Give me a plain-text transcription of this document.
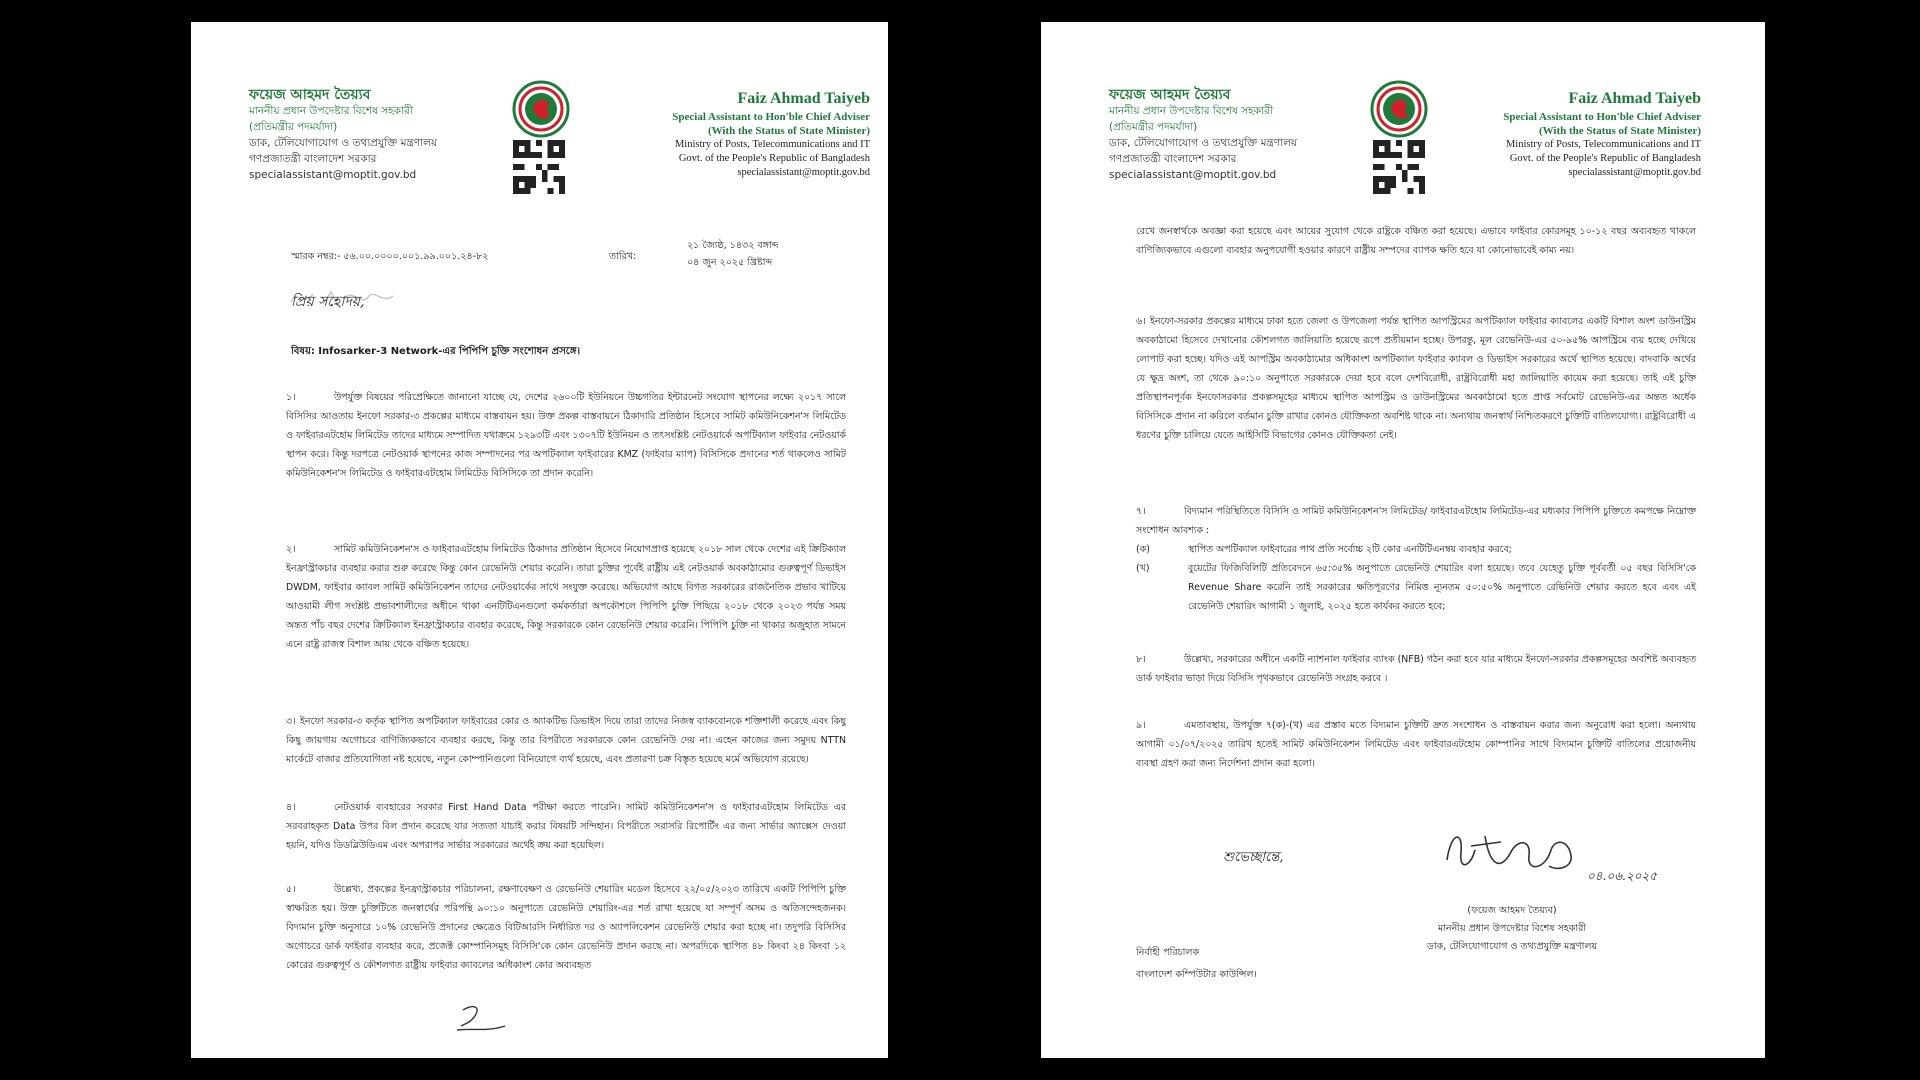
ফয়েজ আহমদ তৈয়্যব
মাননীয় প্রধান উপদেষ্টার বিশেষ সহকারী
(প্রতিমন্ত্রীর পদমর্যাদা)
ডাক, টেলিযোগাযোগ ও তথ্যপ্রযুক্তি মন্ত্রণালয়
গণপ্রজাতন্ত্রী বাংলাদেশ সরকার
specialassistant@moptit.gov.bd
Faiz Ahmad Taiyeb
Special Assistant to Hon'ble Chief Adviser
(With the Status of State Minister)
Ministry of Posts, Telecommunications and IT
Govt. of the People's Republic of Bangladesh
specialassistant@moptit.gov.bd
স্মারক নম্বর:- ৫৬.০০.০০০০.০০১.৯৯.০০১.২৪-৮২	তারিখ:
২১ জ্যৈষ্ঠ, ১৪৩২ বঙ্গাব্দ
০৪ জুন ২০২৫ খ্রিষ্টাব্দ
প্রিয় সহোদয়,
বিষয়: Infosarker-3 Network-এর পিপিপি চুক্তি সংশোধন প্রসঙ্গে।
১।	উপর্যুক্ত বিষয়ের পরিপ্রেক্ষিতে জানানো যাচ্ছে যে, দেশের ২৬০০টি ইউনিয়নে উচ্চগতির ইন্টারনেট সংযোগ স্থাপনের লক্ষ্যে ২০১৭ সালে বিসিসির আওতায় ইনফো সরকার-৩ প্রকল্পের মাধ্যমে বাস্তবায়ন হয়। উক্ত প্রকল্প বাস্তবায়নে ঠিকাদারি প্রতিষ্ঠান হিসেবে সামিট কমিউনিকেশন'স লিমিটেড ও ফাইবারএটহোম লিমিটেড তাদের মাধ্যমে সম্পাদিত যথাক্রমে ১২৯৩টি এবং ১৩০৭টি ইউনিয়ন ও তৎসংশ্লিষ্ট নেটওয়ার্কে অপটিক্যাল ফাইবার নেটওয়ার্ক স্থাপন করে। কিন্তু দরপত্রে নেটওয়ার্ক স্থাপনের কাজ সম্পাদনের পর অপটিক্যাল ফাইবারের KMZ (ফাইবার ম্যাপ) বিসিসিকে প্রদানের শর্ত থাকলেও সামিট কমিউনিকেশন'স লিমিটেড ও ফাইবারএটহোম লিমিটেড বিসিসিকে তা প্রদান করেনি।
২।	সামিট কমিউনিকেশন'স ও ফাইবারএটহোম লিমিটেড ঠিকাদার প্রতিষ্ঠান হিসেবে নিয়োগপ্রাপ্ত হয়েছে ২০১৮ সাল থেকে দেশের এই ক্রিটিক্যাল ইনফ্রাস্ট্রাকচার ব্যবহার করার শুরু করেছে কিন্তু কোন রেভেনিউ শেয়ার করেনি। তারা চুক্তির পূর্বেই রাষ্ট্রীয় এই নেটওয়ার্ক অবকাঠামোর গুরুত্বপূর্ণ ডিভাইস DWDM, ফাইবার ক্যাবল সামিট কমিউনিকেশন তাদের নেটওয়ার্কের সাথে সংযুক্ত করেছে। অভিযোগ আছে বিগত সরকারের রাজনৈতিক প্রভাব খাটিয়ে আওয়ামী লীগ সংশ্লিষ্ট প্রভাবশালীদের অধীনে থাকা এনটিটিএনগুলো কর্মকর্তারা অপকৌশলে পিপিপি চুক্তি পিছিয়ে ২০১৮ থেকে ২০২৩ পর্যন্ত সময় অন্তত পাঁচ বছর দেশের ক্রিটিক্যাল ইনফ্রাস্ট্রাকচার ব্যবহার করেছে, কিন্তু সরকারকে কোন রেভেনিউ শেয়ার করেনি। পিপিপি চুক্তি না থাকার অজুহাত সামনে এনে রাষ্ট্র রাজস্ব বিশাল আয় থেকে বঞ্চিত হয়েছে।
৩। ইনফো সরকার-৩ কর্তৃক স্থাপিত অপটিক্যাল ফাইবারের কোর ও অ্যাকটিভ ডিভাইস দিয়ে তারা তাদের নিজস্ব ব্যাকবোনকে শক্তিশালী করেছে এবং কিছু কিছু জায়গায় অগোচরে বাণিজ্যিকভাবে ব্যবহার করছে, কিন্তু তার বিপরীতে সরকারকে কোন রেভেনিউ দেয় না। এহেন কাজের জন্য সমুদয় NTTN মার্কেটে বাজার প্রতিযোগিতা নষ্ট হয়েছে, নতুন কোম্পানিগুলো বিনিয়োগে ব্যর্থ হয়েছে, এবং প্রতারণা চক্র বিস্তৃত হয়েছে মর্মে অভিযোগ রয়েছে।
৪।	নেটওয়ার্ক ব্যবহারের সরকার First Hand Data পরীক্ষা করতে পারেনি। সামিট কমিউনিকেশন'স ও ফাইবারএটহোম লিমিটেড এর সরবরাহকৃত Data উপর বিল প্রদান করেছে যার সত্যতা যাচাই করার বিষয়টি সন্দিহান। বিপরীতে সরাসরি রিপোর্টিং এর জন্য সার্ভার অ্যাক্সেস দেওয়া হয়নি, যদিও ডিডব্লিউডিএম এবং অপরাপর সার্ভার সরকারের অর্থেই ক্রয় করা হয়েছিল।
৫।	উল্লেখ্য, প্রকল্পের ইনফ্রাস্ট্রাকচার পরিচালনা, রক্ষণাবেক্ষণ ও রেভেনিউ শেয়ারিং মডেল হিসেবে ২২/০৫/২০২৩ তারিখে একটি পিপিপি চুক্তি স্বাক্ষরিত হয়। উক্ত চুক্তিটিতে জনস্বার্থের পরিপন্থি ৯০:১০ অনুপাতে রেভেনিউ শেয়ারিং-এর শর্ত রাখা হয়েছে যা সম্পূর্ণ অসম ও অতিসন্দেহজনক। বিদ্যমান চুক্তি অনুসারে ১০% রেভেনিউ প্রদানের ক্ষেত্রেও বিটিআরসি নির্ধারিত দর ও অ্যাপলিকেশন রেভেনিউ শেয়ার করা হচ্ছে না। তদুপরি বিসিসির অগোচরে ডার্ক ফাইবার ব্যবহার করে, প্রজেক্ট কোম্পানিসমূহ বিসিসি'কে কোন রেভেনিউ প্রদান করছে না। অপরদিকে স্থাপিত ৪৮ কিংবা ২৪ কিংবা ১২ কোরের গুরুত্বপূর্ণ ও কৌশলগত রাষ্ট্রীয় ফাইবার ক্যাবলের অধিকাংশ কোর অব্যবহৃত
ফয়েজ আহমদ তৈয়্যব
মাননীয় প্রধান উপদেষ্টার বিশেষ সহকারী
(প্রতিমন্ত্রীর পদমর্যাদা)
ডাক, টেলিযোগাযোগ ও তথ্যপ্রযুক্তি মন্ত্রণালয়
গণপ্রজাতন্ত্রী বাংলাদেশ সরকার
specialassistant@moptit.gov.bd
Faiz Ahmad Taiyeb
Special Assistant to Hon'ble Chief Adviser
(With the Status of State Minister)
Ministry of Posts, Telecommunications and IT
Govt. of the People's Republic of Bangladesh
specialassistant@moptit.gov.bd
রেখে জনস্বার্থকে অবজ্ঞা করা হয়েছে এবং আয়ের সুযোগ থেকে রাষ্ট্রকে বঞ্চিত করা হয়েছে। এভাবে ফাইবার কোরসমূহ ১০-১২ বছর অব্যবহৃত থাকলে বাণিজ্যিকভাবে এগুলো ব্যবহার অনুপযোগী হওয়ার কারণে রাষ্ট্রীয় সম্পদের ব্যাপক ক্ষতি হবে যা কোনোভাবেই কাম্য নয়।
৬। ইনফো-সরকার প্রকল্পের মাধ্যমে ঢাকা হতে জেলা ও উপজেলা পর্যন্ত স্থাপিত আপস্ট্রিমের অপটিক্যাল ফাইবার ক্যাবলের একটি বিশাল অংশ ডাউনস্ট্রিম অবকাঠামো হিসেবে দেখানোর কৌশলগত জালিয়াতি হয়েছে রূপে প্রতীয়মান হচ্ছে। উপরন্তু, মূল রেভেনিউ-এর ৫০-৯৫% আপস্ট্রিমে ব্যয় হচ্ছে দেখিয়ে লোপাট করা হচ্ছে। যদিও এই আপস্ট্রিম অবকাঠামোর অধিকাংশ অপটিক্যাল ফাইবার ক্যাবল ও ডিভাইস সরকারের অর্থে স্থাপিত হয়েছে। বাদবাকি অর্থের যে ক্ষুদ্র অংশ, তা থেকে ৯০:১০ অনুপাতে সরকারকে দেয়া হবে বলে দেশবিরোধী, রাষ্ট্রবিরোধী মহা জালিয়াতি কায়েম করা হয়েছে। তাই এই চুক্তি প্রতিস্থাপনপূর্বক ইনফোসরকার প্রকল্পসমূহের মাধ্যমে স্থাপিত আপস্ট্রিম ও ডাউনস্ট্রিমের অবকাঠামো হতে প্রাপ্ত সর্বমোট রেভেনিউ-এর অন্তত অর্ধেক বিসিসিকে প্রদান না করিলে বর্তমান চুক্তি রাখার কোনও যৌক্তিকতা অবশিষ্ট থাকে না। অন্যথায় জনস্বার্থ নিশ্চিতকরণে চুক্তিটি বাতিলযোগ্য। রাষ্ট্রবিরোধী এ ধরণের চুক্তি চালিয়ে যেতে আইসিটি বিভাগের কোনও যৌক্তিকতা নেই।
৭।	বিদ্যমান পরিস্থিতিতে বিসিসি ও সামিট কমিউনিকেশন'স লিমিটেড/ ফাইবারএটহোম লিমিটেড-এর মধ্যকার পিপিপি চুক্তিতে কমপক্ষে নিম্নোক্ত সংশোধন আবশ্যক :
(ক)	স্থাপিত অপটিক্যাল ফাইবারের পাথ প্রতি সর্বোচ্চ ২টি কোর এনটিটিএনম্বয় ব্যবহার করবে;
(খ)	বুয়েটের ফিজিবিলিটি প্রতিবেদনে ৬৫:৩৫% অনুপাতে রেভেনিউ শেয়ারিং বলা হয়েছে। তবে যেহেতু চুক্তি পূর্ববর্তী ০৫ বছর বিসিসি'কে Revenue Share করেনি তাই সরকারের ক্ষতিপূরণের নিমিত্ত ন্যূনতম ৫০:৫০% অনুপাতে রেভিনিউ শেয়ার করতে হবে এবং এই রেভেনিউ শেয়ারিং আগামী ১ জুলাই, ২০২৫ হতে কার্যকর করতে হবে;
৮।	উল্লেখ্য, সরকারের অধীনে একটি ন্যাশনাল ফাইবার ব্যাংক (NFB) গঠন করা হবে যার মাধ্যমে ইনফো-সরকার প্রকল্পসমূহের অবশিষ্ট অব্যবহৃত ডার্ক ফাইবার ভাড়া দিয়ে বিসিসি পৃথকভাবে রেভেনিউ সংগ্রহ করবে ।
৯।	এমতাবস্থায়, উপর্যুক্ত ৭(ক)-(খ) এর প্রস্তাব মতে বিদ্যমান চুক্তিটি দ্রুত সংশোধন ও বাস্তবায়ন করার জন্য অনুরোধ করা হলো। অন্যথায় আগামী ০১/০৭/২০২৫ তারিখ হতেই সামিট কমিউনিকেশন লিমিটেড এবং ফাইবারএটহোম কোম্পানির সাথে বিদ্যমান চুক্তিটি বাতিলের প্রয়োজনীয় ব্যবস্থা গ্রহণ করা জন্য নির্দেশনা প্রদান করা হলো।
শুভেচ্ছান্তে,
০৪.০৬.২০২৫
(ফয়েজ আহমদ তৈয়্যব)
মাননীয় প্রধান উপদেষ্টার বিশেষ সহকারী
ডাক, টেলিযোগাযোগ ও তথ্যপ্রযুক্তি মন্ত্রণালয়
নির্বাহী পরিচালক
বাংলাদেশ কম্পিউটার কাউন্সিল।
